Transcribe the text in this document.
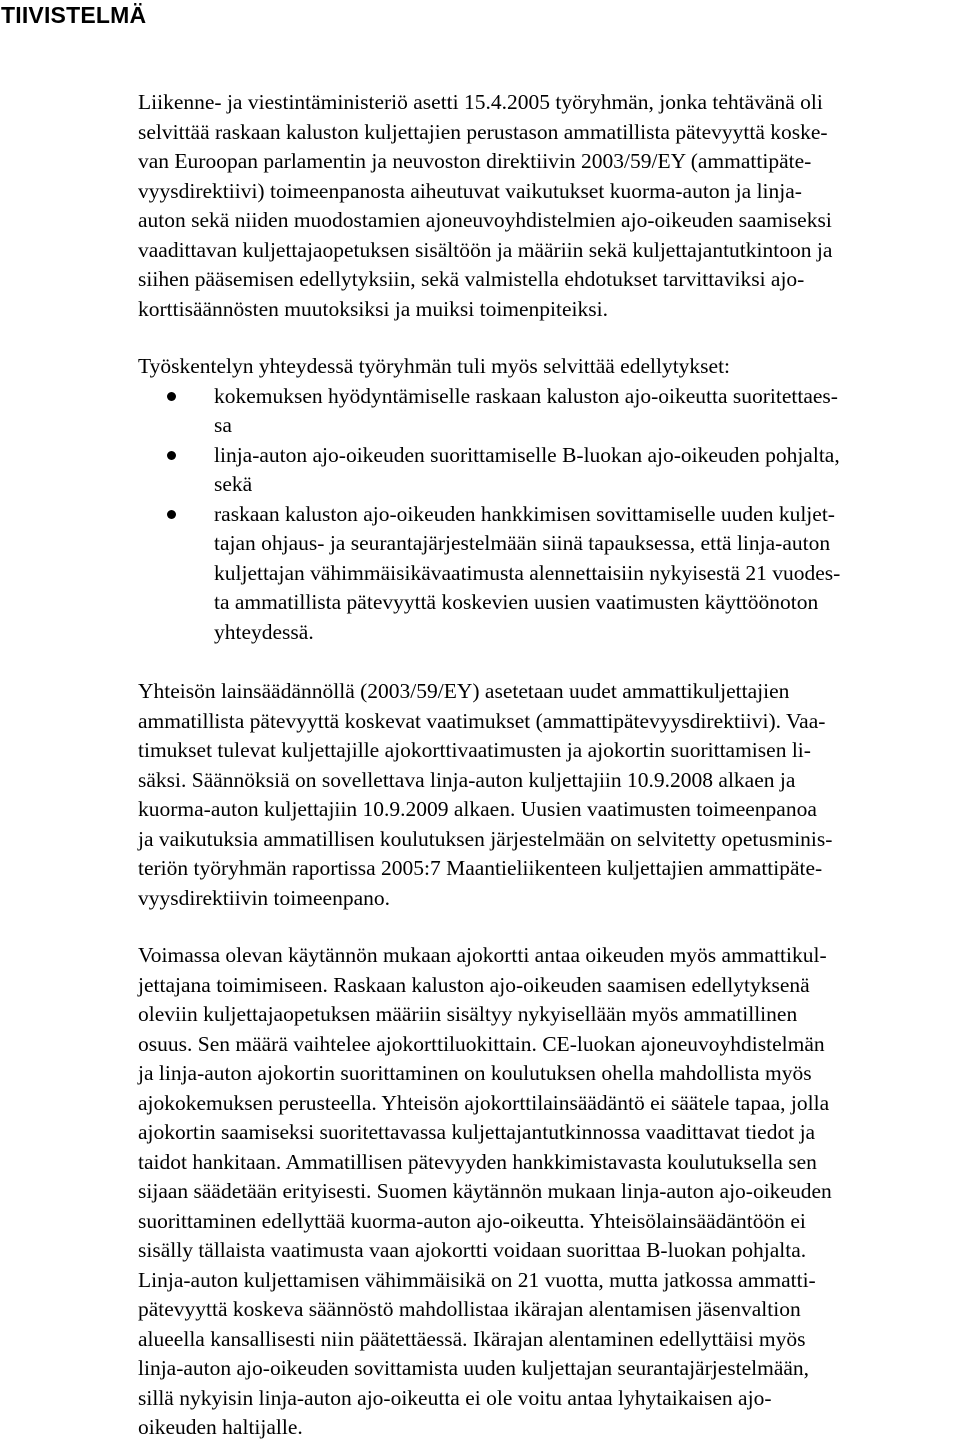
TIIVISTELMÄ
Liikenne- ja viestintäministeriö asetti 15.4.2005 työryhmän, jonka tehtävänä oli
selvittää raskaan kaluston kuljettajien perustason ammatillista pätevyyttä koske-
van Euroopan parlamentin ja neuvoston direktiivin 2003/59/EY (ammattipäte-
vyysdirektiivi) toimeenpanosta aiheutuvat vaikutukset kuorma-auton ja linja-
auton sekä niiden muodostamien ajoneuvoyhdistelmien ajo-oikeuden saamiseksi
vaadittavan kuljettajaopetuksen sisältöön ja määriin sekä kuljettajantutkintoon ja
siihen pääsemisen edellytyksiin, sekä valmistella ehdotukset tarvittaviksi ajo-
korttisäännösten muutoksiksi ja muiksi toimenpiteiksi.
Työskentelyn yhteydessä työryhmän tuli myös selvittää edellytykset:
kokemuksen hyödyntämiselle raskaan kaluston ajo-oikeutta suoritettaes-
sa
linja-auton ajo-oikeuden suorittamiselle B-luokan ajo-oikeuden pohjalta,
sekä
raskaan kaluston ajo-oikeuden hankkimisen sovittamiselle uuden kuljet-
tajan ohjaus- ja seurantajärjestelmään siinä tapauksessa, että linja-auton
kuljettajan vähimmäisikävaatimusta alennettaisiin nykyisestä 21 vuodes-
ta ammatillista pätevyyttä koskevien uusien vaatimusten käyttöönoton
yhteydessä.
Yhteisön lainsäädännöllä (2003/59/EY) asetetaan uudet ammattikuljettajien
ammatillista pätevyyttä koskevat vaatimukset (ammattipätevyysdirektiivi). Vaa-
timukset tulevat kuljettajille ajokorttivaatimusten ja ajokortin suorittamisen li-
säksi. Säännöksiä on sovellettava linja-auton kuljettajiin 10.9.2008 alkaen ja
kuorma-auton kuljettajiin 10.9.2009 alkaen. Uusien vaatimusten toimeenpanoa
ja vaikutuksia ammatillisen koulutuksen järjestelmään on selvitetty opetusminis-
teriön työryhmän raportissa 2005:7 Maantieliikenteen kuljettajien ammattipäte-
vyysdirektiivin toimeenpano.
Voimassa olevan käytännön mukaan ajokortti antaa oikeuden myös ammattikul-
jettajana toimimiseen. Raskaan kaluston ajo-oikeuden saamisen edellytyksenä
oleviin kuljettajaopetuksen määriin sisältyy nykyisellään myös ammatillinen
osuus. Sen määrä vaihtelee ajokorttiluokittain. CE-luokan ajoneuvoyhdistelmän
ja linja-auton ajokortin suorittaminen on koulutuksen ohella mahdollista myös
ajokokemuksen perusteella. Yhteisön ajokorttilainsäädäntö ei säätele tapaa, jolla
ajokortin saamiseksi suoritettavassa kuljettajantutkinnossa vaadittavat tiedot ja
taidot hankitaan. Ammatillisen pätevyyden hankkimistavasta koulutuksella sen
sijaan säädetään erityisesti. Suomen käytännön mukaan linja-auton ajo-oikeuden
suorittaminen edellyttää kuorma-auton ajo-oikeutta. Yhteisölainsäädäntöön ei
sisälly tällaista vaatimusta vaan ajokortti voidaan suorittaa B-luokan pohjalta.
Linja-auton kuljettamisen vähimmäisikä on 21 vuotta, mutta jatkossa ammatti-
pätevyyttä koskeva säännöstö mahdollistaa ikärajan alentamisen jäsenvaltion
alueella kansallisesti niin päätettäessä. Ikärajan alentaminen edellyttäisi myös
linja-auton ajo-oikeuden sovittamista uuden kuljettajan seurantajärjestelmään,
sillä nykyisin linja-auton ajo-oikeutta ei ole voitu antaa lyhytaikaisen ajo-
oikeuden haltijalle.
